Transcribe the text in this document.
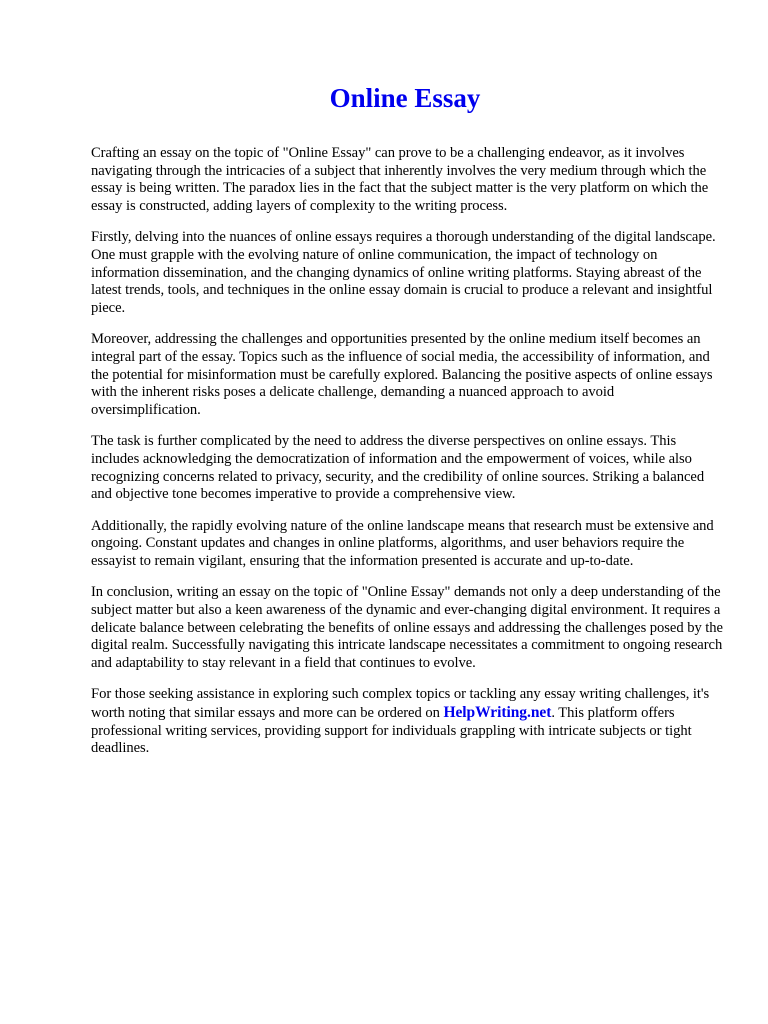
Online Essay

Crafting an essay on the topic of "Online Essay" can prove to be a challenging endeavor, as it involves navigating through the intricacies of a subject that inherently involves the very medium through which the essay is being written. The paradox lies in the fact that the subject matter is the very platform on which the essay is constructed, adding layers of complexity to the writing process.

Firstly, delving into the nuances of online essays requires a thorough understanding of the digital landscape. One must grapple with the evolving nature of online communication, the impact of technology on information dissemination, and the changing dynamics of online writing platforms. Staying abreast of the latest trends, tools, and techniques in the online essay domain is crucial to produce a relevant and insightful piece.

Moreover, addressing the challenges and opportunities presented by the online medium itself becomes an integral part of the essay. Topics such as the influence of social media, the accessibility of information, and the potential for misinformation must be carefully explored. Balancing the positive aspects of online essays with the inherent risks poses a delicate challenge, demanding a nuanced approach to avoid oversimplification.

The task is further complicated by the need to address the diverse perspectives on online essays. This includes acknowledging the democratization of information and the empowerment of voices, while also recognizing concerns related to privacy, security, and the credibility of online sources. Striking a balanced and objective tone becomes imperative to provide a comprehensive view.

Additionally, the rapidly evolving nature of the online landscape means that research must be extensive and ongoing. Constant updates and changes in online platforms, algorithms, and user behaviors require the essayist to remain vigilant, ensuring that the information presented is accurate and up-to-date.

In conclusion, writing an essay on the topic of "Online Essay" demands not only a deep understanding of the subject matter but also a keen awareness of the dynamic and ever-changing digital environment. It requires a delicate balance between celebrating the benefits of online essays and addressing the challenges posed by the digital realm. Successfully navigating this intricate landscape necessitates a commitment to ongoing research and adaptability to stay relevant in a field that continues to evolve.

For those seeking assistance in exploring such complex topics or tackling any essay writing challenges, it's worth noting that similar essays and more can be ordered on HelpWriting.net. This platform offers professional writing services, providing support for individuals grappling with intricate subjects or tight deadlines.
